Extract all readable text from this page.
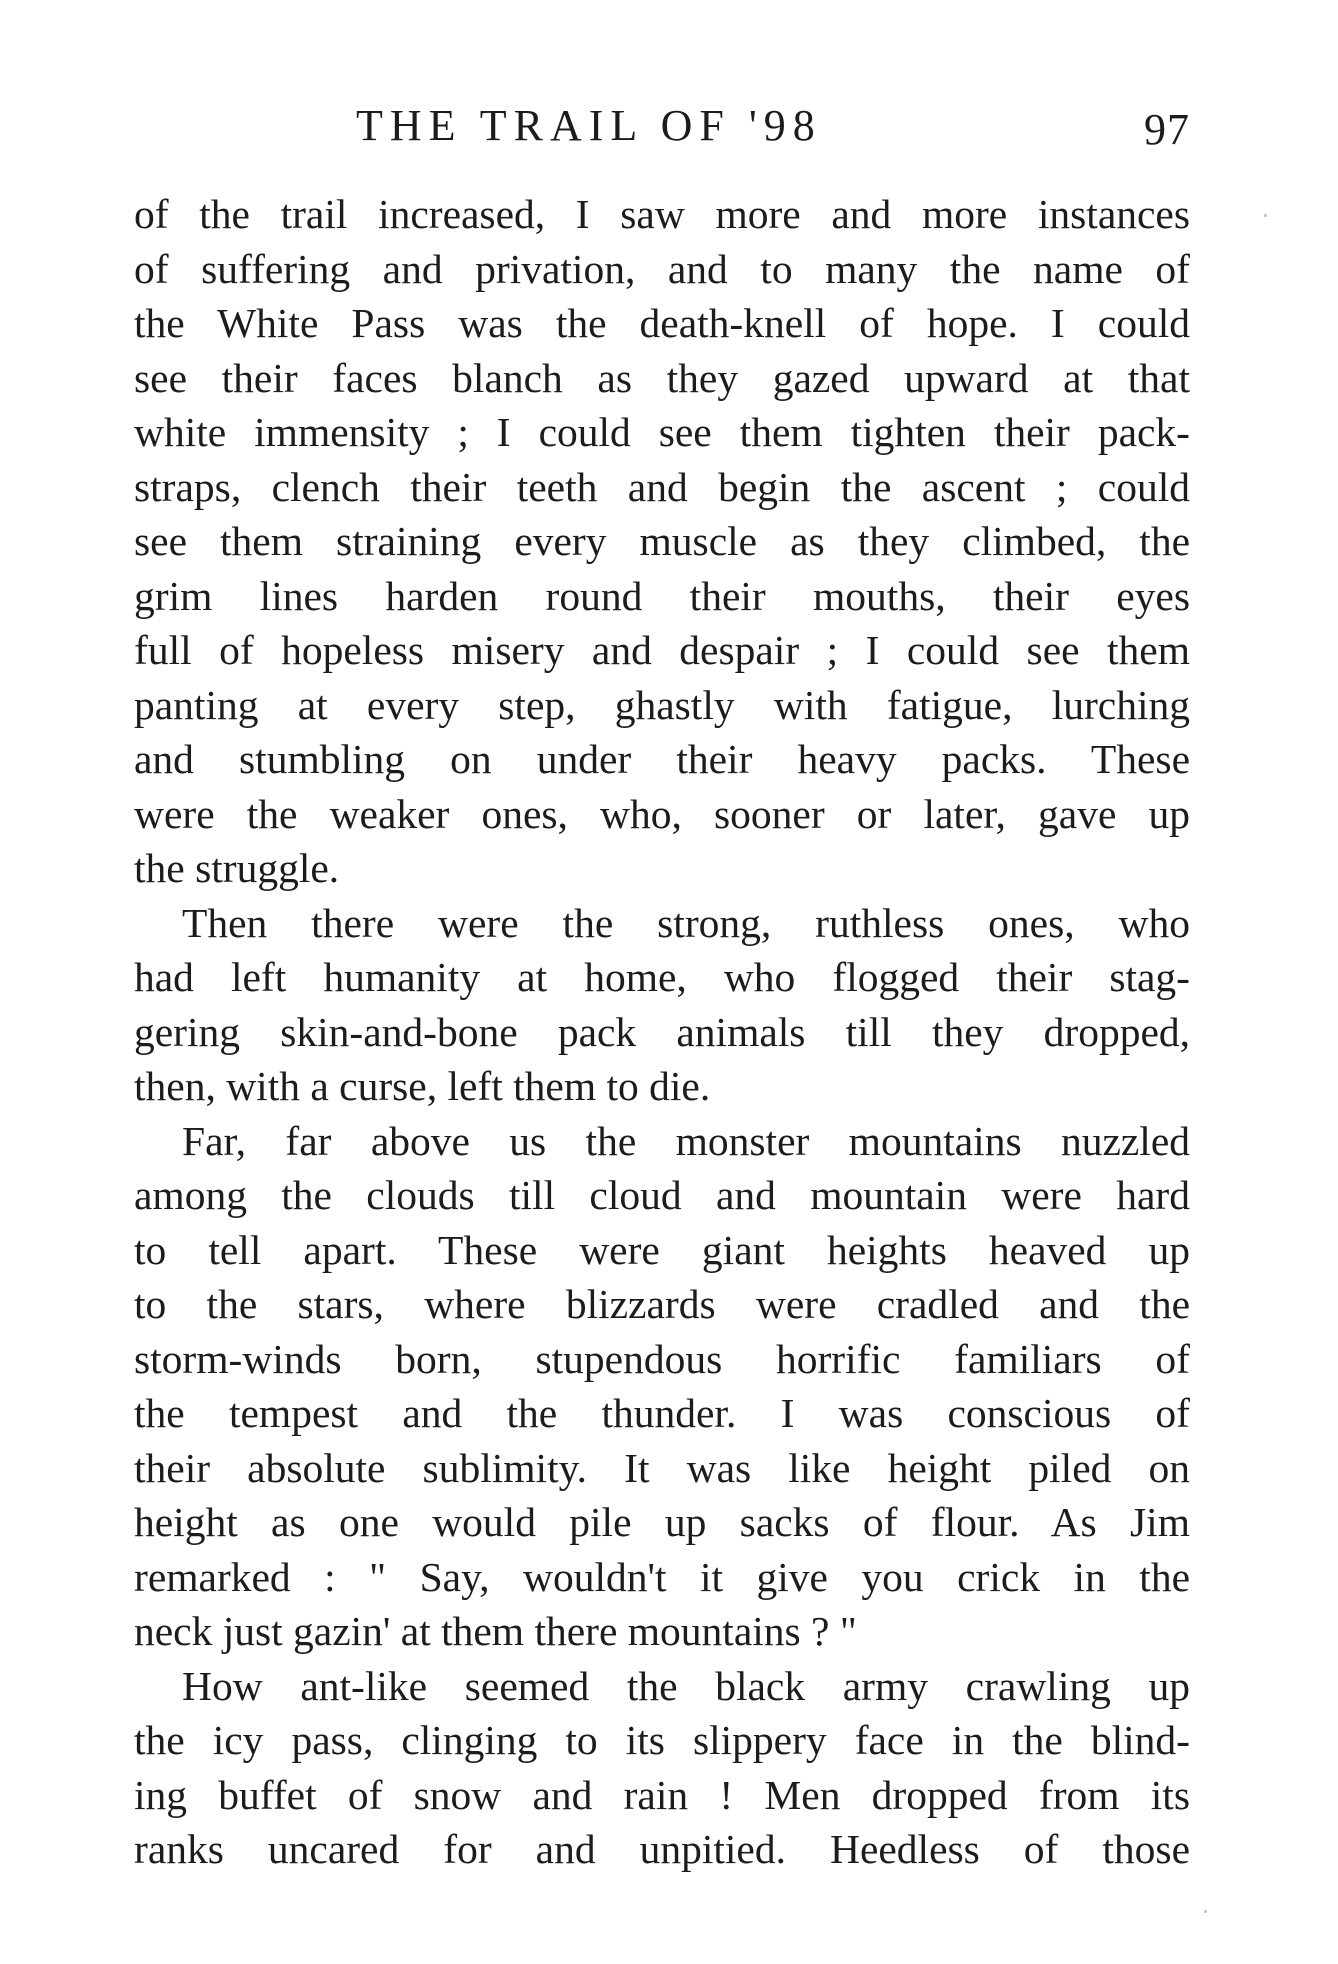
THE TRAIL OF '98	97
of the trail increased, I saw more and more instances
of suffering and privation, and to many the name of
the White Pass was the death-knell of hope. I could
see their faces blanch as they gazed upward at that
white immensity ; I could see them tighten their pack-
straps, clench their teeth and begin the ascent ; could
see them straining every muscle as they climbed, the
grim lines harden round their mouths, their eyes
full of hopeless misery and despair ; I could see them
panting at every step, ghastly with fatigue, lurching
and stumbling on under their heavy packs. These
were the weaker ones, who, sooner or later, gave up
the struggle.
Then there were the strong, ruthless ones, who
had left humanity at home, who flogged their stag-
gering skin-and-bone pack animals till they dropped,
then, with a curse, left them to die.
Far, far above us the monster mountains nuzzled
among the clouds till cloud and mountain were hard
to tell apart. These were giant heights heaved up
to the stars, where blizzards were cradled and the
storm-winds born, stupendous horrific familiars of
the tempest and the thunder. I was conscious of
their absolute sublimity. It was like height piled on
height as one would pile up sacks of flour. As Jim
remarked : " Say, wouldn't it give you crick in the
neck just gazin' at them there mountains ? "
How ant-like seemed the black army crawling up
the icy pass, clinging to its slippery face in the blind-
ing buffet of snow and rain ! Men dropped from its
ranks uncared for and unpitied. Heedless of those
